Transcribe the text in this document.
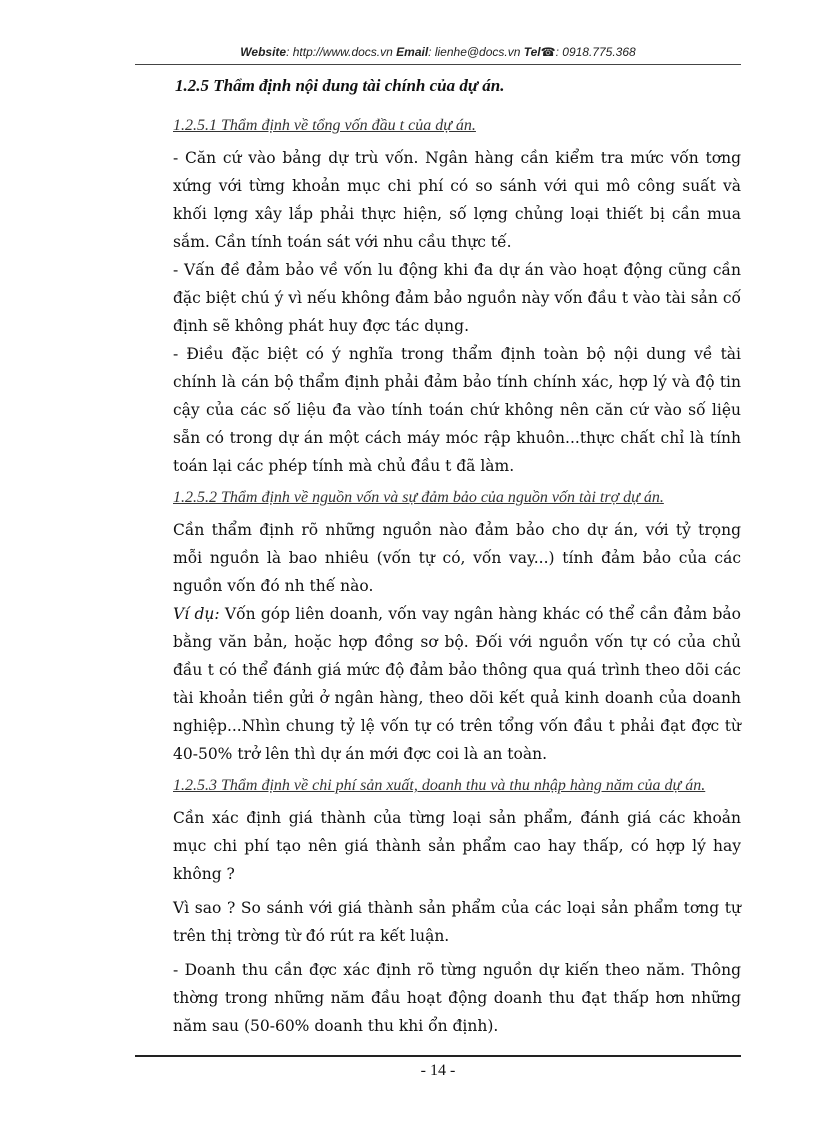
Website: http://www.docs.vn Email: lienhe@docs.vn Tel☎: 0918.775.368
1.2.5 Thẩm định nội dung tài chính của dự án.
1.2.5.1 Thẩm định về tổng vốn đầu t của dự án.

- Căn cứ vào bảng dự trù vốn. Ngân hàng cần kiểm tra mức vốn tơng xứng với từng khoản mục chi phí có so sánh với qui mô công suất và khối lợng xây lắp phải thực hiện, số lợng chủng loại thiết bị cần mua sắm. Cần tính toán sát với nhu cầu thực tế.

- Vấn đề đảm bảo về vốn lu động khi đa dự án vào hoạt động cũng cần đặc biệt chú ý vì nếu không đảm bảo nguồn này vốn đầu t vào tài sản cố định sẽ không phát huy đợc tác dụng.

- Điều đặc biệt có ý nghĩa trong thẩm định toàn bộ nội dung về tài chính là cán bộ thẩm định phải đảm bảo tính chính xác, hợp lý và độ tin cậy của các số liệu đa vào tính toán chứ không nên căn cứ vào số liệu sẵn có trong dự án một cách máy móc rập khuôn...thực chất chỉ là tính toán lại các phép tính mà chủ đầu t đã làm.

1.2.5.2 Thẩm định về nguồn vốn và sự đảm bảo của nguồn vốn tài trợ dự án.

Cần thẩm định rõ những nguồn nào đảm bảo cho dự án, với tỷ trọng mỗi nguồn là bao nhiêu (vốn tự có, vốn vay...) tính đảm bảo của các nguồn vốn đó nh thế nào.

Ví dụ: Vốn góp liên doanh, vốn vay ngân hàng khác có thể cần đảm bảo bằng văn bản, hoặc hợp đồng sơ bộ. Đối với nguồn vốn tự có của chủ đầu t có thể đánh giá mức độ đảm bảo thông qua quá trình theo dõi các tài khoản tiền gửi ở ngân hàng, theo dõi kết quả kinh doanh của doanh nghiệp...Nhìn chung tỷ lệ vốn tự có trên tổng vốn đầu t phải đạt đợc từ 40-50% trở lên thì dự án mới đợc coi là an toàn.

1.2.5.3 Thẩm định về chi phí sản xuất, doanh thu và thu nhập hàng năm của dự án.

Cần xác định giá thành của từng loại sản phẩm, đánh giá các khoản mục chi phí tạo nên giá thành sản phẩm cao hay thấp, có hợp lý hay không ?

Vì sao ? So sánh với giá thành sản phẩm của các loại sản phẩm tơng tự trên thị trờng từ đó rút ra kết luận.

- Doanh thu cần đợc xác định rõ từng nguồn dự kiến theo năm. Thông thờng trong những năm đầu hoạt động doanh thu đạt thấp hơn những năm sau (50-60% doanh thu khi ổn định).

- 14 -
